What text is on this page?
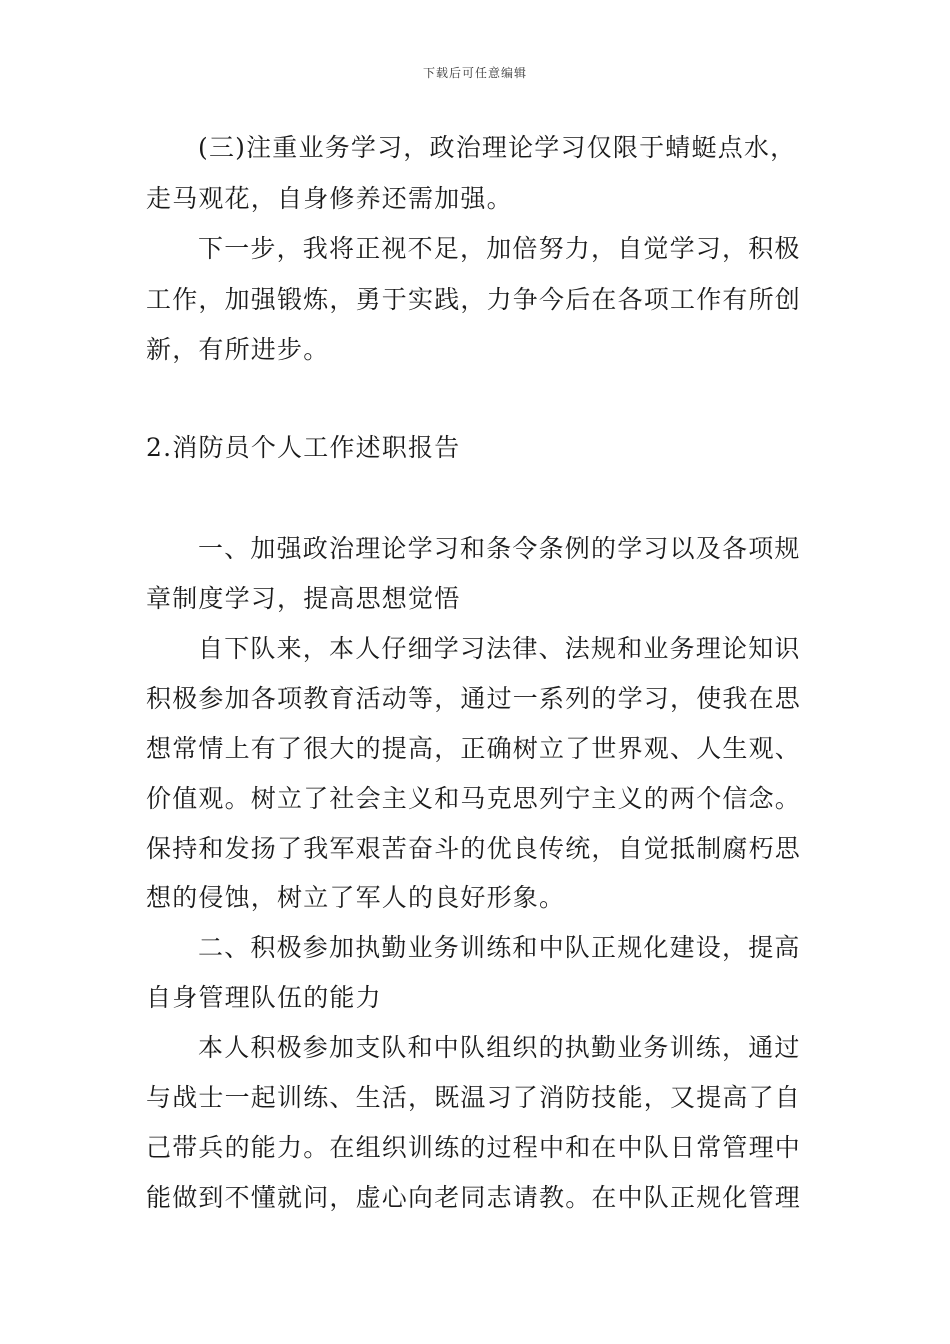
下载后可任意编辑
(三)注重业务学习，政治理论学习仅限于蜻蜓点水，
走马观花，自身修养还需加强。
下一步，我将正视不足，加倍努力，自觉学习，积极
工作，加强锻炼，勇于实践，力争今后在各项工作有所创
新，有所进步。
2.消防员个人工作述职报告
一、加强政治理论学习和条令条例的学习以及各项规
章制度学习，提高思想觉悟
自下队来，本人仔细学习法律、法规和业务理论知识
积极参加各项教育活动等，通过一系列的学习，使我在思
想常情上有了很大的提高，正确树立了世界观、人生观、
价值观。树立了社会主义和马克思列宁主义的两个信念。
保持和发扬了我军艰苦奋斗的优良传统，自觉抵制腐朽思
想的侵蚀，树立了军人的良好形象。
二、积极参加执勤业务训练和中队正规化建设，提高
自身管理队伍的能力
本人积极参加支队和中队组织的执勤业务训练，通过
与战士一起训练、生活，既温习了消防技能，又提高了自
己带兵的能力。在组织训练的过程中和在中队日常管理中
能做到不懂就问，虚心向老同志请教。在中队正规化管理
